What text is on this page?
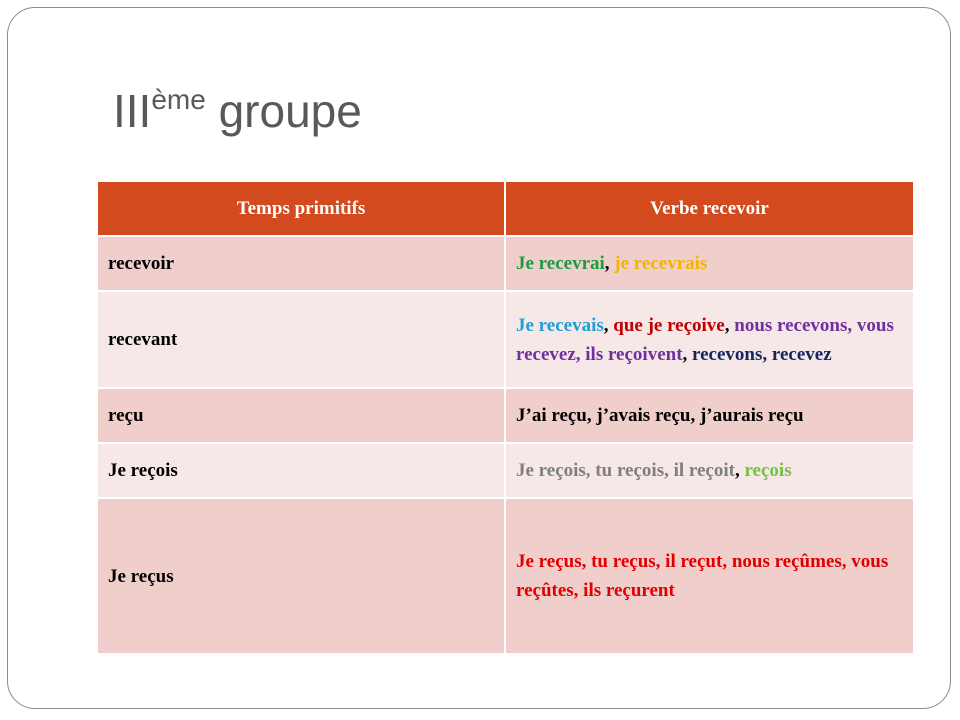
IIIème groupe
Temps primitifs	Verbe recevoir
recevoir	Je recevrai, je recevrais
recevant	Je recevais, que je reçoive, nous recevons, vous recevez, ils reçoivent, recevons, recevez
reçu	J’ai reçu, j’avais reçu, j’aurais reçu
Je reçois	Je reçois, tu reçois, il reçoit, reçois
Je reçus	Je reçus, tu reçus, il reçut, nous reçûmes, vous reçûtes, ils reçurent
